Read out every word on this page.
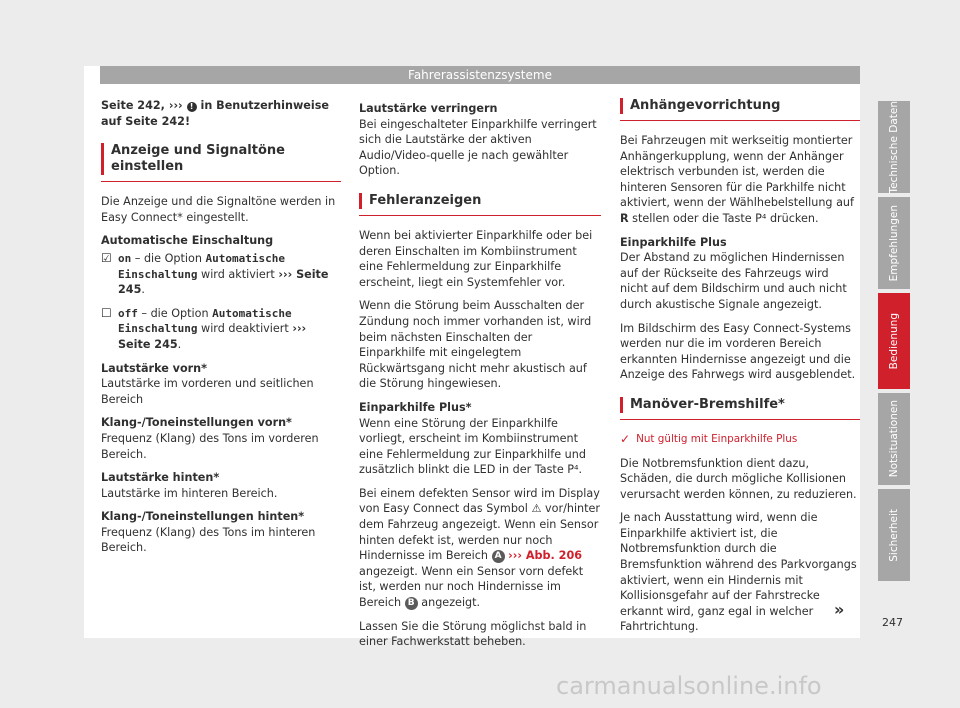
Fahrerassistenzsysteme

Seite 242, ››› ! in Benutzerhinweise auf Seite 242!

Anzeige und Signaltöne einstellen

Die Anzeige und die Signaltöne werden in Easy Connect* eingestellt.

Automatische Einschaltung

☑ on – die Option Automatische Einschaltung wird aktiviert ››› Seite 245.
☐ off – die Option Automatische Einschaltung wird deaktiviert ››› Seite 245.

Lautstärke vorn*

Lautstärke im vorderen und seitlichen Bereich

Klang-/Toneinstellungen vorn*

Frequenz (Klang) des Tons im vorderen Bereich.

Lautstärke hinten*

Lautstärke im hinteren Bereich.

Klang-/Toneinstellungen hinten*

Frequenz (Klang) des Tons im hinteren Bereich.

Lautstärke verringern

Bei eingeschalteter Einparkhilfe verringert sich die Lautstärke der aktiven Audio/Video-quelle je nach gewählter Option.

Fehleranzeigen

Wenn bei aktivierter Einparkhilfe oder bei deren Einschalten im Kombiinstrument eine Fehlermeldung zur Einparkhilfe erscheint, liegt ein Systemfehler vor.

Wenn die Störung beim Ausschalten der Zündung noch immer vorhanden ist, wird beim nächsten Einschalten der Einparkhilfe mit eingelegtem Rückwärtsgang nicht mehr akustisch auf die Störung hingewiesen.

Einparkhilfe Plus*

Wenn eine Störung der Einparkhilfe vorliegt, erscheint im Kombiinstrument eine Fehlermeldung zur Einparkhilfe und zusätzlich blinkt die LED in der Taste P⁴.

Bei einem defekten Sensor wird im Display von Easy Connect das Symbol ⚠ vor/hinter dem Fahrzeug angezeigt. Wenn ein Sensor hinten defekt ist, werden nur noch Hindernisse im Bereich A ››› Abb. 206 angezeigt. Wenn ein Sensor vorn defekt ist, werden nur noch Hindernisse im Bereich B angezeigt.

Lassen Sie die Störung möglichst bald in einer Fachwerkstatt beheben.

Anhängevorrichtung

Bei Fahrzeugen mit werkseitig montierter Anhängerkupplung, wenn der Anhänger elektrisch verbunden ist, werden die hinteren Sensoren für die Parkhilfe nicht aktiviert, wenn der Wählhebelstellung auf R stellen oder die Taste P⁴ drücken.

Einparkhilfe Plus

Der Abstand zu möglichen Hindernissen auf der Rückseite des Fahrzeugs wird nicht auf dem Bildschirm und auch nicht durch akustische Signale angezeigt.

Im Bildschirm des Easy Connect-Systems werden nur die im vorderen Bereich erkannten Hindernisse angezeigt und die Anzeige des Fahrwegs wird ausgeblendet.

Manöver-Bremshilfe*
✓ Nut gültig mit Einparkhilfe Plus

Die Notbremsfunktion dient dazu, Schäden, die durch mögliche Kollisionen verursacht werden können, zu reduzieren.

Je nach Ausstattung wird, wenn die Einparkhilfe aktiviert ist, die Notbremsfunktion durch die Bremsfunktion während des Parkvorgangs aktiviert, wenn ein Hindernis mit Kollisionsgefahr auf der Fahrstrecke erkannt wird, ganz egal in welcher Fahrtrichtung.

»
Technische Daten
Empfehlungen
Bedienung
Notsituationen
Sicherheit
247
carmanualsonline.info
